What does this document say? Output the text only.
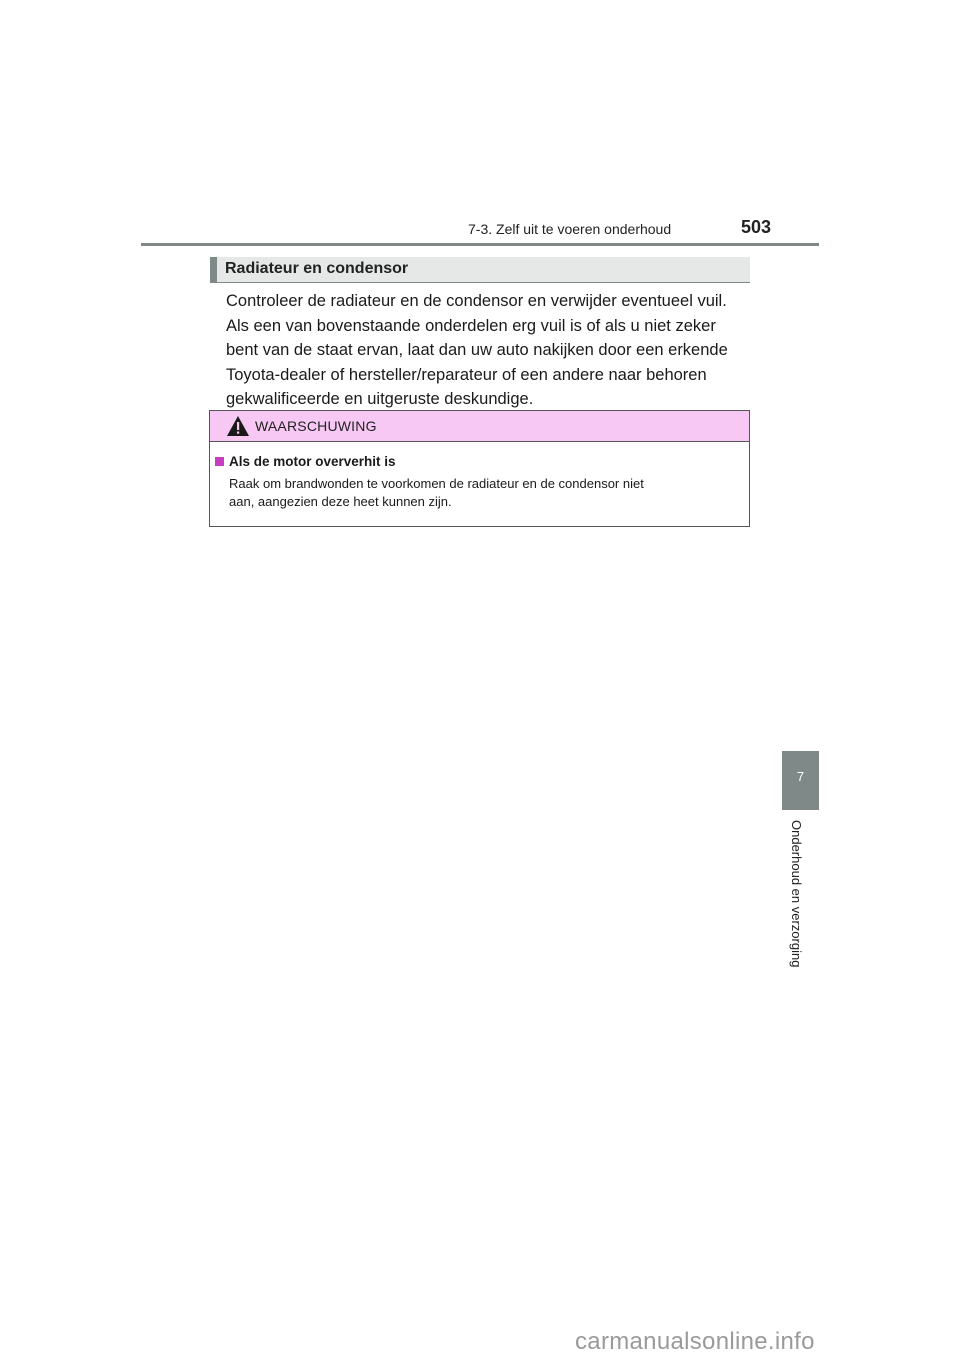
7-3. Zelf uit te voeren onderhoud	503
Radiateur en condensor

Controleer de radiateur en de condensor en verwijder eventueel vuil.
Als een van bovenstaande onderdelen erg vuil is of als u niet zeker
bent van de staat ervan, laat dan uw auto nakijken door een erkende
Toyota-dealer of hersteller/reparateur of een andere naar behoren
gekwalificeerde en uitgeruste deskundige.

WAARSCHUWING
Als de motor oververhit is

Raak om brandwonden te voorkomen de radiateur en de condensor niet
aan, aangezien deze heet kunnen zijn.

7
Onderhoud en verzorging
carmanualsonline.info
